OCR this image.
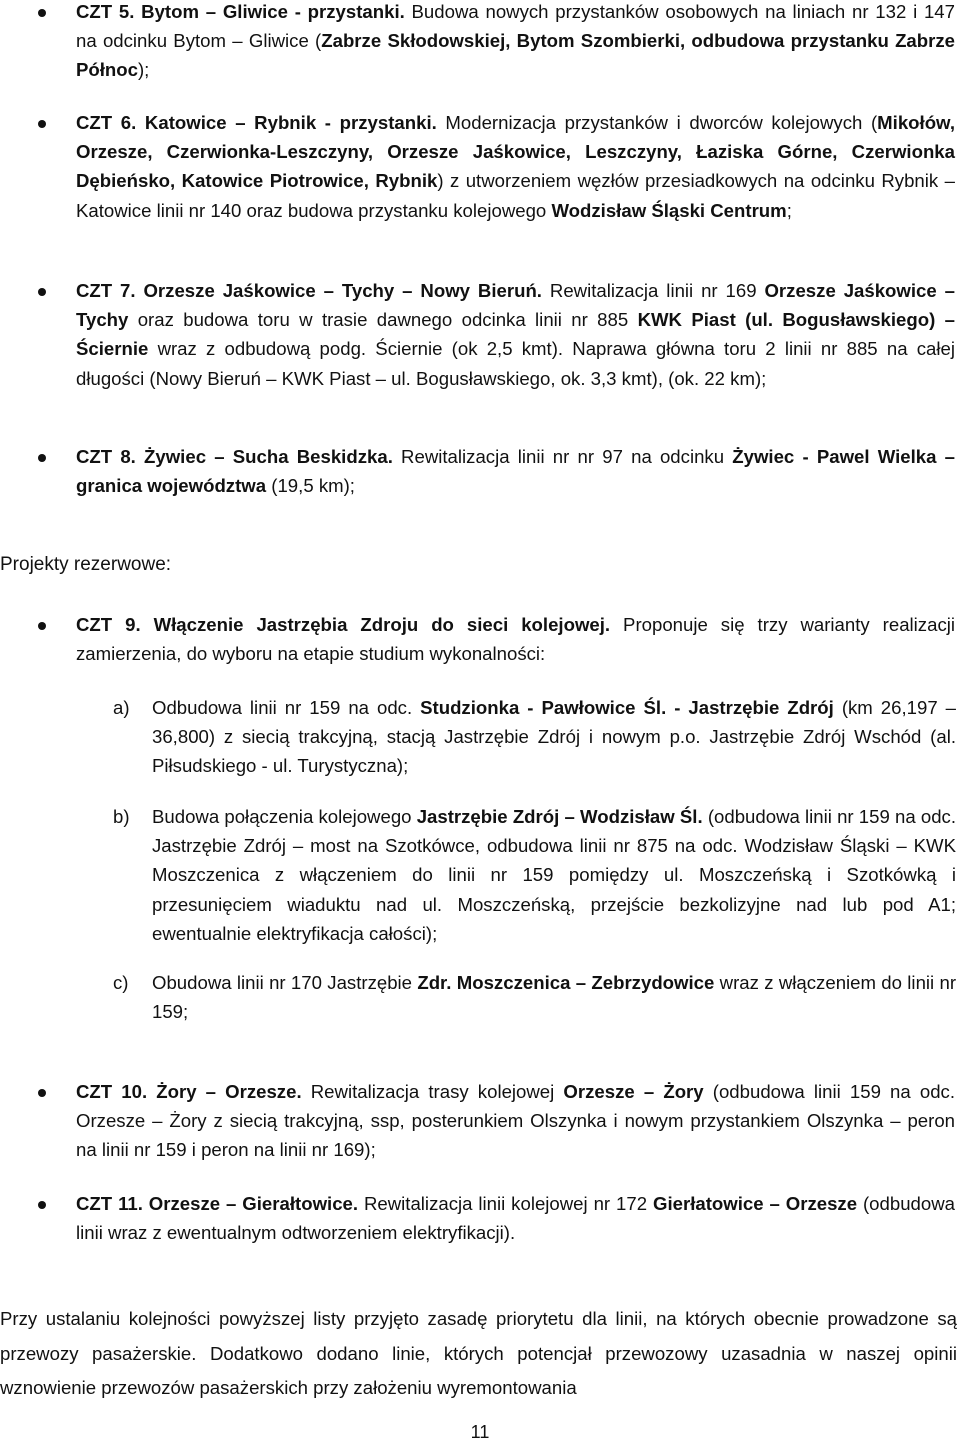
CZT 5. Bytom – Gliwice - przystanki. Budowa nowych przystanków osobowych na liniach nr 132 i 147 na odcinku Bytom – Gliwice (Zabrze Skłodowskiej, Bytom Szombierki, odbudowa przystanku Zabrze Północ);
CZT 6. Katowice – Rybnik - przystanki. Modernizacja przystanków i dworców kolejowych (Mikołów, Orzesze, Czerwionka-Leszczyny, Orzesze Jaśkowice, Leszczyny, Łaziska Górne, Czerwionka Dębieńsko, Katowice Piotrowice, Rybnik) z utworzeniem węzłów przesiadkowych na odcinku Rybnik – Katowice linii nr 140 oraz budowa przystanku kolejowego Wodzisław Śląski Centrum;
CZT 7. Orzesze Jaśkowice – Tychy – Nowy Bieruń. Rewitalizacja linii nr 169 Orzesze Jaśkowice – Tychy oraz budowa toru w trasie dawnego odcinka linii nr 885 KWK Piast (ul. Bogusławskiego) – Ściernie wraz z odbudową podg. Ściernie (ok 2,5 kmt). Naprawa główna toru 2 linii nr 885 na całej długości (Nowy Bieruń – KWK Piast – ul. Bogusławskiego, ok. 3,3 kmt), (ok. 22 km);
CZT 8. Żywiec – Sucha Beskidzka. Rewitalizacja linii nr nr 97 na odcinku Żywiec - Pawel Wielka – granica województwa (19,5 km);
Projekty rezerwowe:
CZT 9. Włączenie Jastrzębia Zdroju do sieci kolejowej. Proponuje się trzy warianty realizacji zamierzenia, do wyboru na etapie studium wykonalności:
a) Odbudowa linii nr 159 na odc. Studzionka - Pawłowice Śl. - Jastrzębie Zdrój (km 26,197 – 36,800) z siecią trakcyjną, stacją Jastrzębie Zdrój i nowym p.o. Jastrzębie Zdrój Wschód (al. Piłsudskiego - ul. Turystyczna);
b) Budowa połączenia kolejowego Jastrzębie Zdrój – Wodzisław Śl. (odbudowa linii nr 159 na odc. Jastrzębie Zdrój – most na Szotkówce, odbudowa linii nr 875 na odc. Wodzisław Śląski – KWK Moszczenica z włączeniem do linii nr 159 pomiędzy ul. Moszczeńską i Szotkówką i przesunięciem wiaduktu nad ul. Moszczeńską, przejście bezkolizyjne nad lub pod A1; ewentualnie elektryfikacja całości);
c) Obudowa linii nr 170 Jastrzębie Zdr. Moszczenica – Zebrzydowice wraz z włączeniem do linii nr 159;
CZT 10. Żory – Orzesze. Rewitalizacja trasy kolejowej Orzesze – Żory (odbudowa linii 159 na odc. Orzesze – Żory z siecią trakcyjną, ssp, posterunkiem Olszynka i nowym przystankiem Olszynka – peron na linii nr 159 i peron na linii nr 169);
CZT 11. Orzesze – Gierałtowice. Rewitalizacja linii kolejowej nr 172 Gierłatowice – Orzesze (odbudowa linii wraz z ewentualnym odtworzeniem elektryfikacji).
Przy ustalaniu kolejności powyższej listy przyjęto zasadę priorytetu dla linii, na których obecnie prowadzone są przewozy pasażerskie. Dodatkowo dodano linie, których potencjał przewozowy uzasadnia w naszej opinii wznowienie przewozów pasażerskich przy założeniu wyremontowania
11
